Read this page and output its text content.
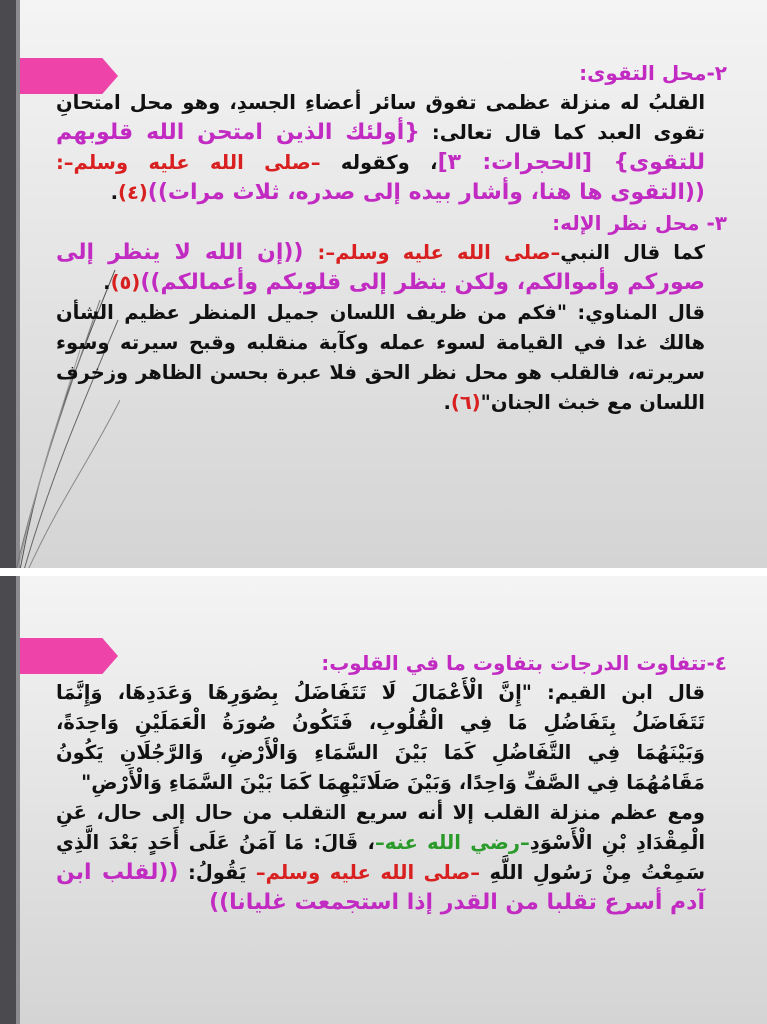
٢-محل التقوى:

القلبُ له منزلة عظمى تفوق سائر أعضاءِ الجسدِ، وهو محل امتحانِ تقوى العبد كما قال تعالى: {أولئك الذين امتحن الله قلوبهم للتقوى} [الحجرات: ٣]، وكقوله –صلى الله عليه وسلم–: ((التقوى ها هنا، وأشار بيده إلى صدره، ثلاث مرات))(٤).

٣- محل نظر الإله:

كما قال النبي–صلى الله عليه وسلم–: ((إن الله لا ينظر إلى صوركم وأموالكم، ولكن ينظر إلى قلوبكم وأعمالكم))(٥).

قال المناوي: "فكم من ظريف اللسان جميل المنظر عظيم الشأن هالك غدا في القيامة لسوء عمله وكآبة منقلبه وقبح سيرته وسوء سريرته، فالقلب هو محل نظر الحق فلا عبرة بحسن الظاهر وزخرف اللسان مع خبث الجنان"(٦).

٤-تتفاوت الدرجات بتفاوت ما في القلوب:

قال ابن القيم: "إِنَّ الْأَعْمَالَ لَا تَتَفَاضَلُ بِصُوَرِهَا وَعَدَدِهَا، وَإِنَّمَا تَتَفَاضَلُ بِتَفَاضُلِ مَا فِي الْقُلُوبِ، فَتَكُونُ صُورَةُ الْعَمَلَيْنِ وَاحِدَةً، وَبَيْنَهُمَا فِي التَّفَاضُلِ كَمَا بَيْنَ السَّمَاءِ وَالْأَرْضِ، وَالرَّجُلَانِ يَكُونُ مَقَامُهُمَا فِي الصَّفِّ وَاحِدًا، وَبَيْنَ صَلَاتَيْهِمَا كَمَا بَيْنَ السَّمَاءِ وَالْأَرْضِ"

ومع عظم منزلة القلب إلا أنه سريع التقلب من حال إلى حال، عَنِ الْمِقْدَادِ بْنِ الْأَسْوَدِ–رضي الله عنه–، قَالَ: مَا آمَنُ عَلَى أَحَدٍ بَعْدَ الَّذِي سَمِعْتُ مِنْ رَسُولِ اللَّهِ –صلى الله عليه وسلم– يَقُولُ: ((لقلب ابن آدم أسرع تقلبا من القدر إذا استجمعت غليانا))
